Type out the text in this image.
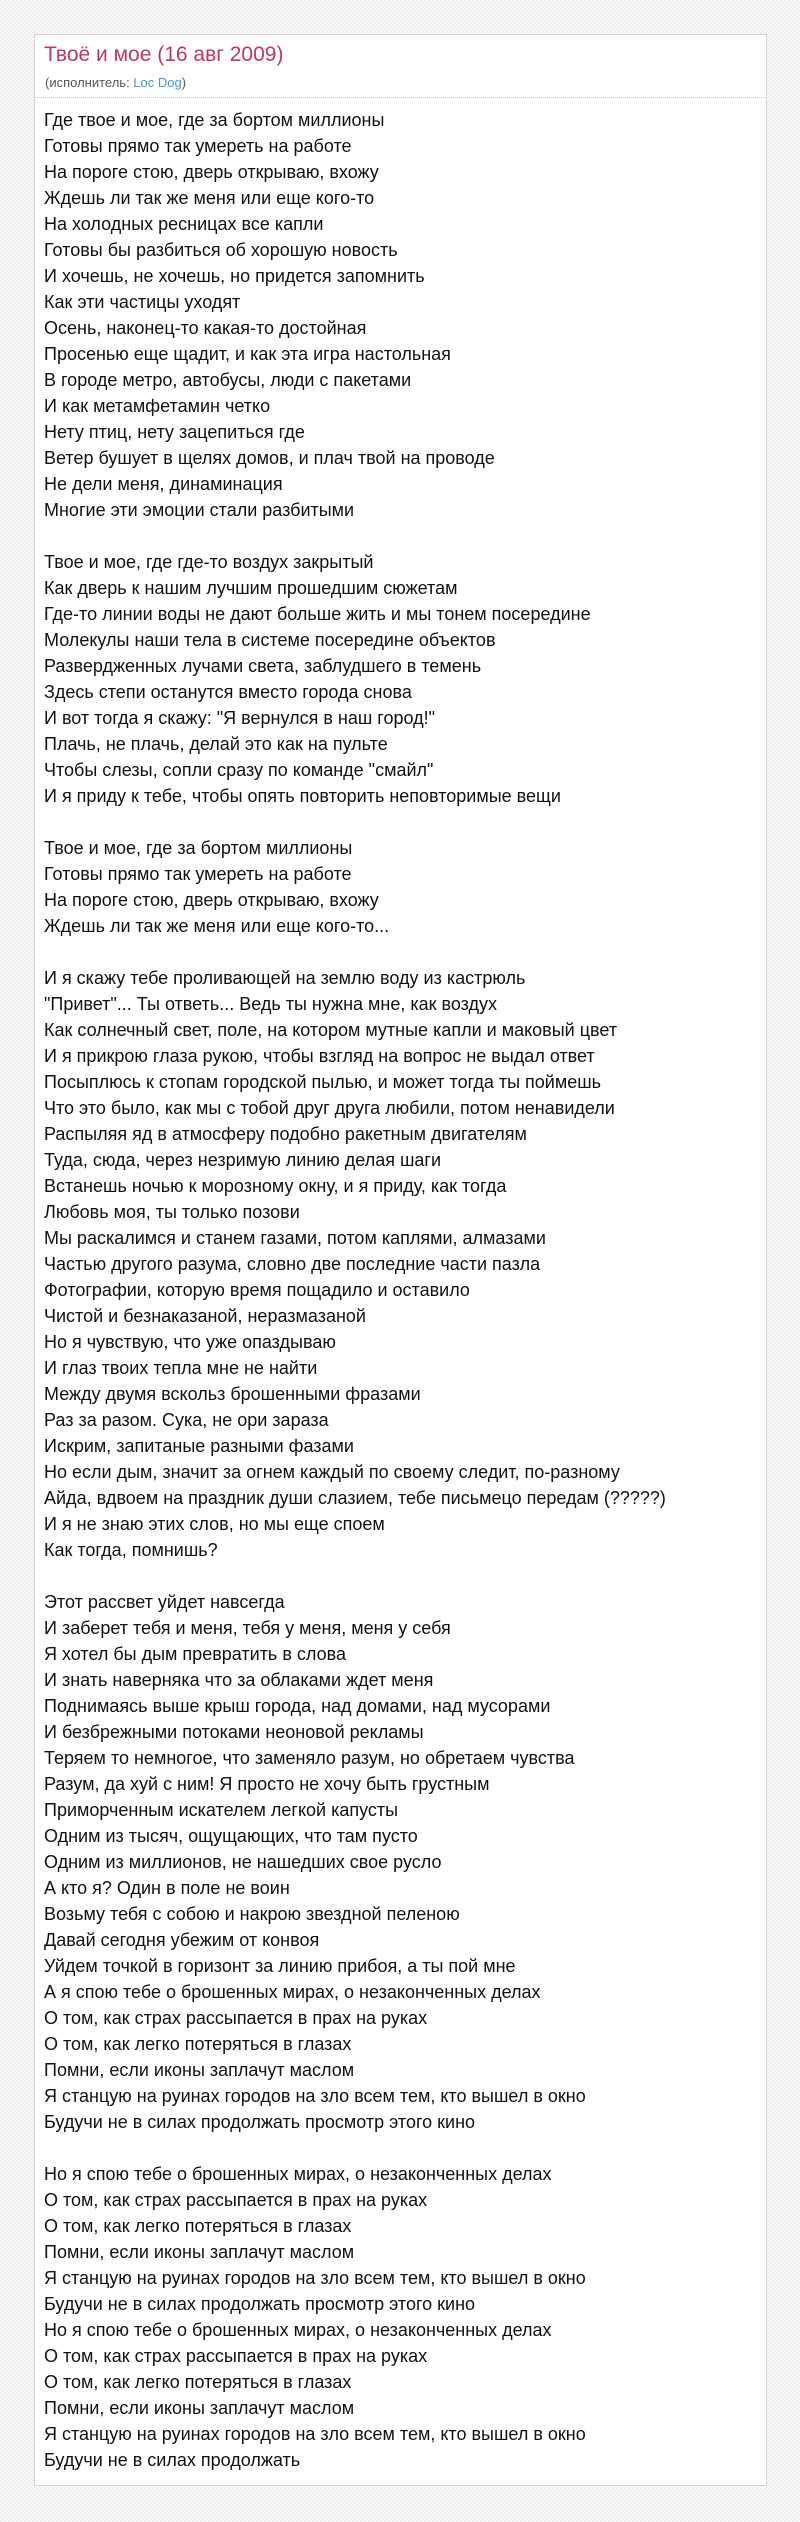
Твоё и мое (16 авг 2009)
(исполнитель: Loc Dog)
Где твое и мое, где за бортом миллионы
Готовы прямо так умереть на работе
На пороге стою, дверь открываю, вхожу
Ждешь ли так же меня или еще кого-то
На холодных ресницах все капли
Готовы бы разбиться об хорошую новость
И хочешь, не хочешь, но придется запомнить
Как эти частицы уходят
Осень, наконец-то какая-то достойная
Просенью еще щадит, и как эта игра настольная
В городе метро, автобусы, люди с пакетами
И как метамфетамин четко
Нету птиц, нету зацепиться где
Ветер бушует в щелях домов, и плач твой на проводе
Не дели меня, динаминация
Многие эти эмоции стали разбитыми
Твое и мое, где где-то воздух закрытый
Как дверь к нашим лучшим прошедшим сюжетам
Где-то линии воды не дают больше жить и мы тонем посередине
Молекулы наши тела в системе посередине объектов
Развердженных лучами света, заблудшего в темень
Здесь степи останутся вместо города снова
И вот тогда я скажу: "Я вернулся в наш город!"
Плачь, не плачь, делай это как на пульте
Чтобы слезы, сопли сразу по команде "смайл"
И я приду к тебе, чтобы опять повторить неповторимые вещи
Твое и мое, где за бортом миллионы
Готовы прямо так умереть на работе
На пороге стою, дверь открываю, вхожу
Ждешь ли так же меня или еще кого-то...
И я скажу тебе проливающей на землю воду из кастрюль
"Привет"... Ты ответь... Ведь ты нужна мне, как воздух
Как солнечный свет, поле, на котором мутные капли и маковый цвет
И я прикрою глаза рукою, чтобы взгляд на вопрос не выдал ответ
Посыплюсь к стопам городской пылью, и может тогда ты поймешь
Что это было, как мы с тобой друг друга любили, потом ненавидели
Распыляя яд в атмосферу подобно ракетным двигателям
Туда, сюда, через незримую линию делая шаги
Встанешь ночью к морозному окну, и я приду, как тогда
Любовь моя, ты только позови
Мы раскалимся и станем газами, потом каплями, алмазами
Частью другого разума, словно две последние части пазла
Фотографии, которую время пощадило и оставило
Чистой и безнаказаной, неразмазаной
Но я чувствую, что уже опаздываю
И глаз твоих тепла мне не найти
Между двумя вскольз брошенными фразами
Раз за разом. Сука, не ори зараза
Искрим, запитаные разными фазами
Но если дым, значит за огнем каждый по своему следит, по-разному
Айда, вдвоем на праздник души слазием, тебе письмецо передам (?????)
И я не знаю этих слов, но мы еще споем
Как тогда, помнишь?
Этот рассвет уйдет навсегда
И заберет тебя и меня, тебя у меня, меня у себя
Я хотел бы дым превратить в слова
И знать наверняка что за облаками ждет меня
Поднимаясь выше крыш города, над домами, над мусорами
И безбрежными потоками неоновой рекламы
Теряем то немногое, что заменяло разум, но обретаем чувства
Разум, да хуй с ним! Я просто не хочу быть грустным
Приморченным искателем легкой капусты
Одним из тысяч, ощущающих, что там пусто
Одним из миллионов, не нашедших свое русло
А кто я? Один в поле не воин
Возьму тебя с собою и накрою звездной пеленою
Давай сегодня убежим от конвоя
Уйдем точкой в горизонт за линию прибоя, а ты пой мне
А я спою тебе о брошенных мирах, о незаконченных делах
О том, как страх рассыпается в прах на руках
О том, как легко потеряться в глазах
Помни, если иконы заплачут маслом
Я станцую на руинах городов на зло всем тем, кто вышел в окно
Будучи не в силах продолжать просмотр этого кино
Но я спою тебе о брошенных мирах, о незаконченных делах
О том, как страх рассыпается в прах на руках
О том, как легко потеряться в глазах
Помни, если иконы заплачут маслом
Я станцую на руинах городов на зло всем тем, кто вышел в окно
Будучи не в силах продолжать просмотр этого кино
Но я спою тебе о брошенных мирах, о незаконченных делах
О том, как страх рассыпается в прах на руках
О том, как легко потеряться в глазах
Помни, если иконы заплачут маслом
Я станцую на руинах городов на зло всем тем, кто вышел в окно
Будучи не в силах продолжать
